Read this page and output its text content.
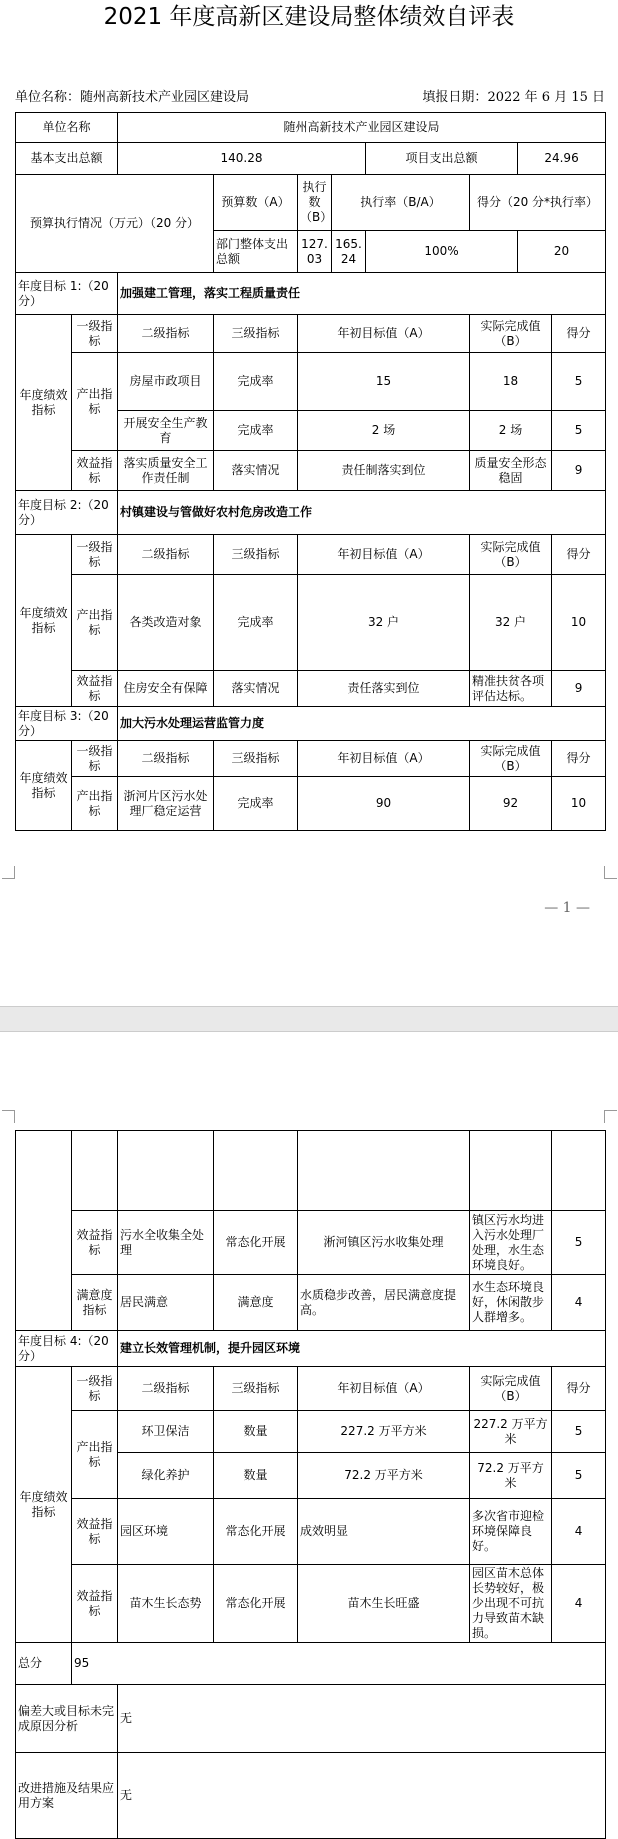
2021 年度高新区建设局整体绩效自评表
单位名称：随州高新技术产业园区建设局	填报日期：2022 年 6 月 15 日
单位名称		随州高新技术产业园区建设局							
基本支出总额		140.28				项目支出总额		24.96	
预算执行情况（万元）（20 分）			预算数（A）	执行数（B）	执行率（B/A）		得分（20 分*执行率）		
			部门整体支出总额	127.03	165.24	100%		20	
年度目标 1:（20 分）		加强建工管理，落实工程质量责任							
年度绩效指标	一级指标	二级指标	三级指标	年初目标值（A）			实际完成值（B）		得分
	产出指标	房屋市政项目	完成率	15			18		5
		开展安全生产教育	完成率	2 场			2 场		5
	效益指标	落实质量安全工作责任制	落实情况	责任制落实到位			质量安全形态稳固		9
年度目标 2:（20 分）		村镇建设与管做好农村危房改造工作							
年度绩效指标	一级指标	二级指标	三级指标	年初目标值（A）			实际完成值（B）		得分
	产出指标	各类改造对象	完成率	32 户			32 户		10
	效益指标	住房安全有保障	落实情况	责任落实到位			精准扶贫各项评估达标。		9
年度目标 3:（20 分）		加大污水处理运营监管力度							
年度绩效指标	一级指标	二级指标	三级指标	年初目标值（A）			实际完成值（B）		得分
	产出指标	浙河片区污水处理厂稳定运营	完成率	90			92		10
— 1 —

	效益指标	污水全收集全处理	常态化开展	淅河镇区污水收集处理	镇区污水均进入污水处理厂处理，水生态环境良好。	5
	满意度指标	居民满意	满意度	水质稳步改善，居民满意度提高。	水生态环境良好，休闲散步人群增多。	4
年度目标 4:（20 分）		建立长效管理机制，提升园区环境				
年度绩效指标	一级指标	二级指标	三级指标	年初目标值（A）	实际完成值（B）	得分
	产出指标	环卫保洁	数量	227.2 万平方米	227.2 万平方米	5
		绿化养护	数量	72.2 万平方米	72.2 万平方米	5
	效益指标	园区环境	常态化开展	成效明显	多次省市迎检环境保障良好。	4
	效益指标	苗木生长态势	常态化开展	苗木生长旺盛	园区苗木总体长势较好，极少出现不可抗力导致苗木缺损。	4
总分	95					
偏差大或目标未完成原因分析		无				
改进措施及结果应用方案		无				
